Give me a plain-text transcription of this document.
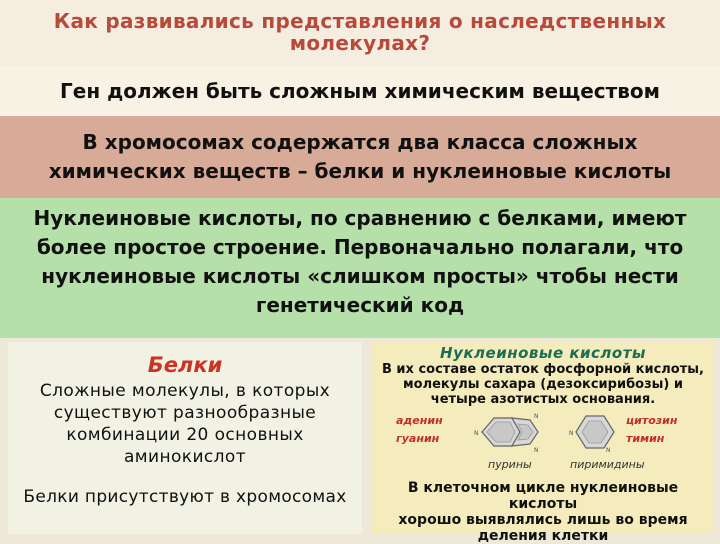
Как развивались представления о наследственных
молекулах?
Ген должен быть сложным химическим веществом
В хромосомах содержатся два класса сложных
химических веществ – белки и нуклеиновые кислоты
Нуклеиновые кислоты, по сравнению с белками, имеют
более простое строение. Первоначально полагали, что
нуклеиновые кислоты «слишком просты» чтобы нести
генетический код
Белки
Сложные молекулы, в которых
существуют разнообразные
комбинации 20 основных
аминокислот
Белки присутствуют в хромосомах
Нуклеиновые кислоты
В их составе остаток фосфорной кислоты,
молекулы сахара (дезоксирибозы) и
четыре азотистых основания.
аденин
гуанин
цитозин
тимин
N
N
N
N
N
пурины	пиримидины
В клеточном цикле нуклеиновые кислоты
хорошо выявлялись лишь во время
деления клетки
